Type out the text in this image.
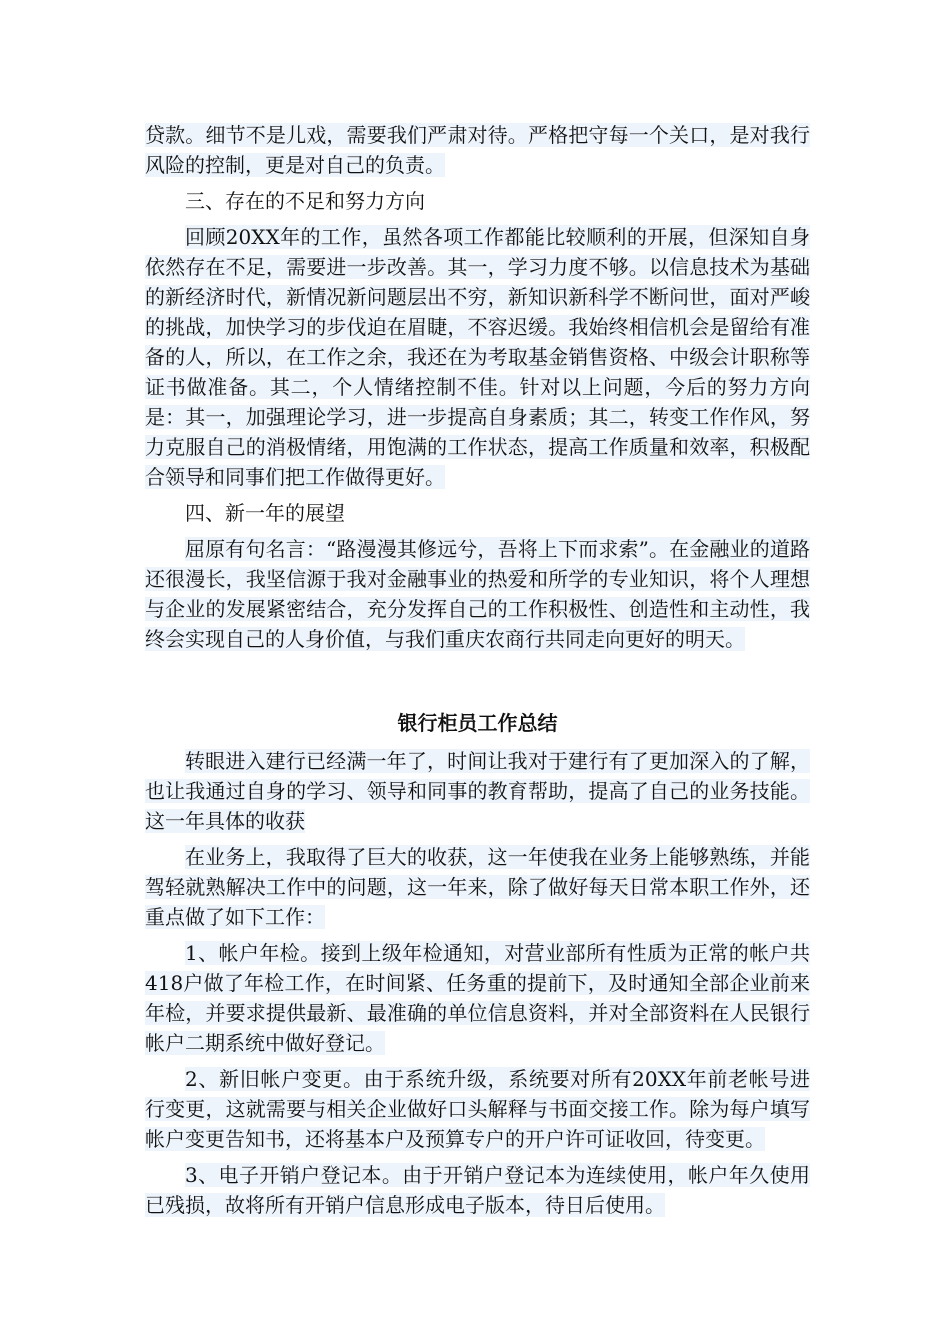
贷款。细节不是儿戏，需要我们严肃对待。严格把守每一个关口，是对我行风险的控制，更是对自己的负责。

三、存在的不足和努力方向

回顾20XX年的工作，虽然各项工作都能比较顺利的开展，但深知自身依然存在不足，需要进一步改善。其一，学习力度不够。以信息技术为基础的新经济时代，新情况新问题层出不穷，新知识新科学不断问世，面对严峻的挑战，加快学习的步伐迫在眉睫，不容迟缓。我始终相信机会是留给有准备的人，所以，在工作之余，我还在为考取基金销售资格、中级会计职称等证书做准备。其二，个人情绪控制不佳。针对以上问题，今后的努力方向是：其一，加强理论学习，进一步提高自身素质；其二，转变工作作风，努力克服自己的消极情绪，用饱满的工作状态，提高工作质量和效率，积极配合领导和同事们把工作做得更好。

四、新一年的展望

屈原有句名言：“路漫漫其修远兮，吾将上下而求索”。在金融业的道路还很漫长，我坚信源于我对金融事业的热爱和所学的专业知识，将个人理想与企业的发展紧密结合，充分发挥自己的工作积极性、创造性和主动性，我终会实现自己的人身价值，与我们重庆农商行共同走向更好的明天。

银行柜员工作总结

转眼进入建行已经满一年了，时间让我对于建行有了更加深入的了解，也让我通过自身的学习、领导和同事的教育帮助，提高了自己的业务技能。这一年具体的收获

在业务上，我取得了巨大的收获，这一年使我在业务上能够熟练，并能驾轻就熟解决工作中的问题，这一年来，除了做好每天日常本职工作外，还重点做了如下工作：

1、帐户年检。接到上级年检通知，对营业部所有性质为正常的帐户共418户做了年检工作，在时间紧、任务重的提前下，及时通知全部企业前来年检，并要求提供最新、最准确的单位信息资料，并对全部资料在人民银行帐户二期系统中做好登记。

2、新旧帐户变更。由于系统升级，系统要对所有20XX年前老帐号进行变更，这就需要与相关企业做好口头解释与书面交接工作。除为每户填写帐户变更告知书，还将基本户及预算专户的开户许可证收回，待变更。

3、电子开销户登记本。由于开销户登记本为连续使用，帐户年久使用已残损，故将所有开销户信息形成电子版本，待日后使用。
